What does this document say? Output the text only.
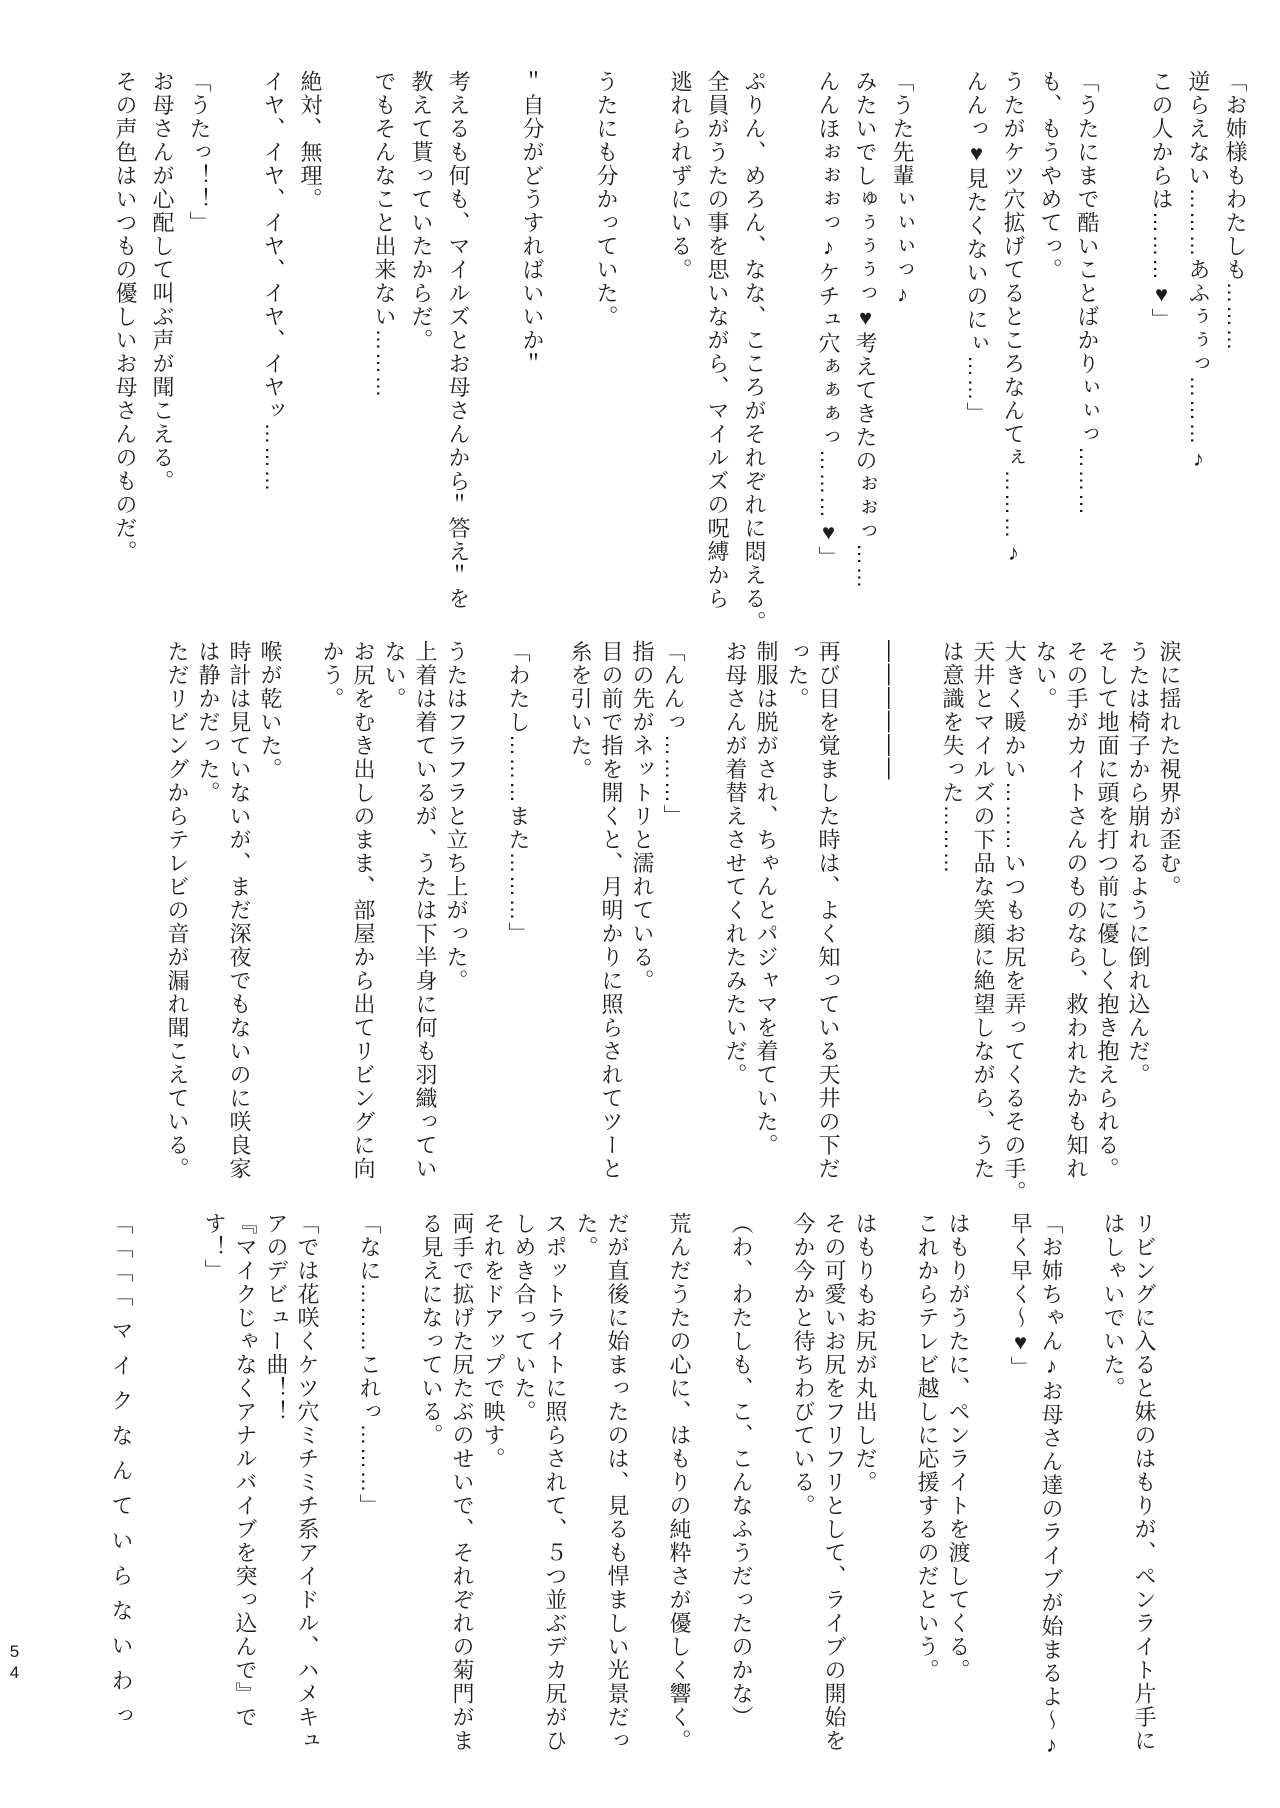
「お姉様もわたしも………

逆らえない………あふぅぅっ………♪

この人からは………♥」

「うたにまで酷いことばかりぃぃっ………

も、もうやめてっ。

うたがケツ穴拡げてるところなんてぇ………♪

んんっ♥見たくないのにぃ……」

「うた先輩ぃぃぃっ♪

みたいでしゅぅぅぅっ♥考えてきたのぉぉっ……

んんほぉぉぉっ♪ケチュ穴ぁぁぁっ………♥」

ぷりん、めろん、なな、こころがそれぞれに悶える。

全員がうたの事を思いながら、マイルズの呪縛から

逃れられずにいる。

うたにも分かっていた。

＂自分がどうすればいいか＂

考えるも何も、マイルズとお母さんから＂答え＂を

教えて貰っていたからだ。

でもそんなこと出来ない………

絶対、無理。

イヤ、イヤ、イヤ、イヤ、イヤッ………

「うたっ！！」

お母さんが心配して叫ぶ声が聞こえる。

その声色はいつもの優しいお母さんのものだ。

涙に揺れた視界が歪む。

うたは椅子から崩れるように倒れ込んだ。

そして地面に頭を打つ前に優しく抱き抱えられる。

その手がカイトさんのものなら、救われたかも知れ

ない。

大きく暖かい………いつもお尻を弄ってくるその手。

天井とマイルズの下品な笑顔に絶望しながら、うた

は意識を失った………

――――――

再び目を覚ました時は、よく知っている天井の下だ

った。

制服は脱がされ、ちゃんとパジャマを着ていた。

お母さんが着替えさせてくれたみたいだ。

「んんっ………」

指の先がネットリと濡れている。

目の前で指を開くと、月明かりに照らされてツーと

糸を引いた。

「わたし………また………」

うたはフラフラと立ち上がった。

上着は着ているが、うたは下半身に何も羽織ってい

ない。

お尻をむき出しのまま、部屋から出てリビングに向

かう。

喉が乾いた。

時計は見ていないが、まだ深夜でもないのに咲良家

は静かだった。

ただリビングからテレビの音が漏れ聞こえている。

リビングに入ると妹のはもりが、ペンライト片手に

はしゃいでいた。

「お姉ちゃん♪お母さん達のライブが始まるよ〜♪

早く早く〜♥」

はもりがうたに、ペンライトを渡してくる。

これからテレビ越しに応援するのだという。

はもりもお尻が丸出しだ。

その可愛いお尻をフリフリとして、ライブの開始を

今か今かと待ちわびている。

（わ、わたしも、こ、こんなふうだったのかな）

荒んだうたの心に、はもりの純粋さが優しく響く。

だが直後に始まったのは、見るも悍ましい光景だっ

た。

スポットライトに照らされて、５つ並ぶデカ尻がひ

しめき合っていた。

それをドアップで映す。

両手で拡げた尻たぶのせいで、それぞれの菊門がま

る見えになっている。

「なに………これっ………」

「では花咲くケツ穴ミチミチ系アイドル、ハメキュ

アのデビュー曲！！

『マイクじゃなくアナルバイブを突っ込んで』で

す！」

「「「「マイクなんていらないわっ

54
